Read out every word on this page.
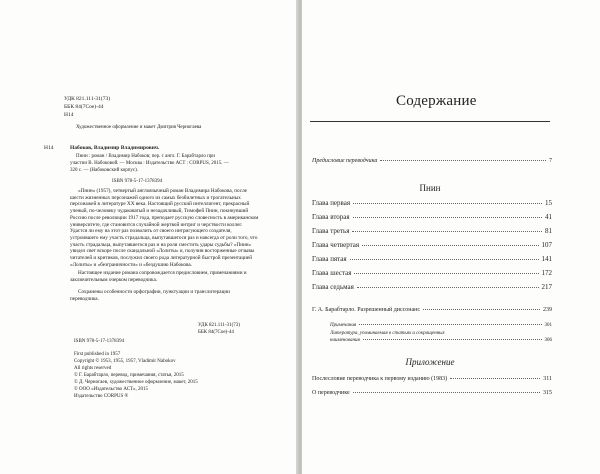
УДК 821.111-31(73)
ББК 84(7Сoe)-44
Н14
Художественное оформление и макет Дмитрия Черногаева
Н14	Набоков, Владимир Владимирович.
Пнин : роман / Владимир Набоков; пер. с англ. Г. Барабтарло при
участии В. Набоковой. — Москва : Издательство АСТ : CORPUS, 2015. —
320 с. — (Набоковский корпус).
ISBN 978-5-17-1378394
«Пнин» (1957), четвертый англоязычный роман Владимира Набокова, после шести жизненных персонажей одного из самых безбилетных и трогательных персонажей в литературе XX века. Настоящий русский интеллигент, прекрасный ученый, по-человеку чудаковатый и незадачливый, Тимофей Пнин, покинувший Россию после революции 1917 года, преподает русскую словесность в американском университете, где становится случайной жертвой интриг и черствости коллег. Удастся ли ему на этот раз позволить от своего интригующего создателя, устроившего ему участь страдальца, выпутавшегося раз и навсегда от роли того, что участь страдальца, выпутавшегося раз и на роли сместить удары судьбы? «Пнин» увидел свет вскоре после скандальной «Лолиты» и, получив восторженные отзывы читателей и критиков, послужил своего рода литературной быстрой презентацией «Лолиты» и «безграничности» и «бездушию Набокова.
Настоящее издание романа сопровождается предисловием, примечаниями и заключительным очерком переводчика.
Сохранены особенности орфографии, пунктуации и транслитерации переводчика.
УДК 821.111-31(73)
ББК 84(7Сoe)-44
ISBN 978-5-17-1378394
First published in 1957
Copyright © 1953, 1955, 1957, Vladimir Nabokov
All rights reserved
© Г. Барабтарло, перевод, примечания, статья, 2015
© Д. Черногаев, художественное оформление, макет, 2015
© ООО «Издательство АСТ», 2015
Издательство CORPUS ®
Содержание
Предисловие переводчика	7
Пнин
Глава первая	15
Глава вторая	41
Глава третья	81
Глава четвертая	107
Глава пятая	141
Глава шестая	172
Глава седьмая	217
Г. А. Барабтарло. Разрешенный диссонанс	239
Примечания	301
Литература, упоминаемая в статьях и сокращенных
наименования	306
Приложение
Послесловие переводчика к первому изданию (1983)	311
О переводчике	315
